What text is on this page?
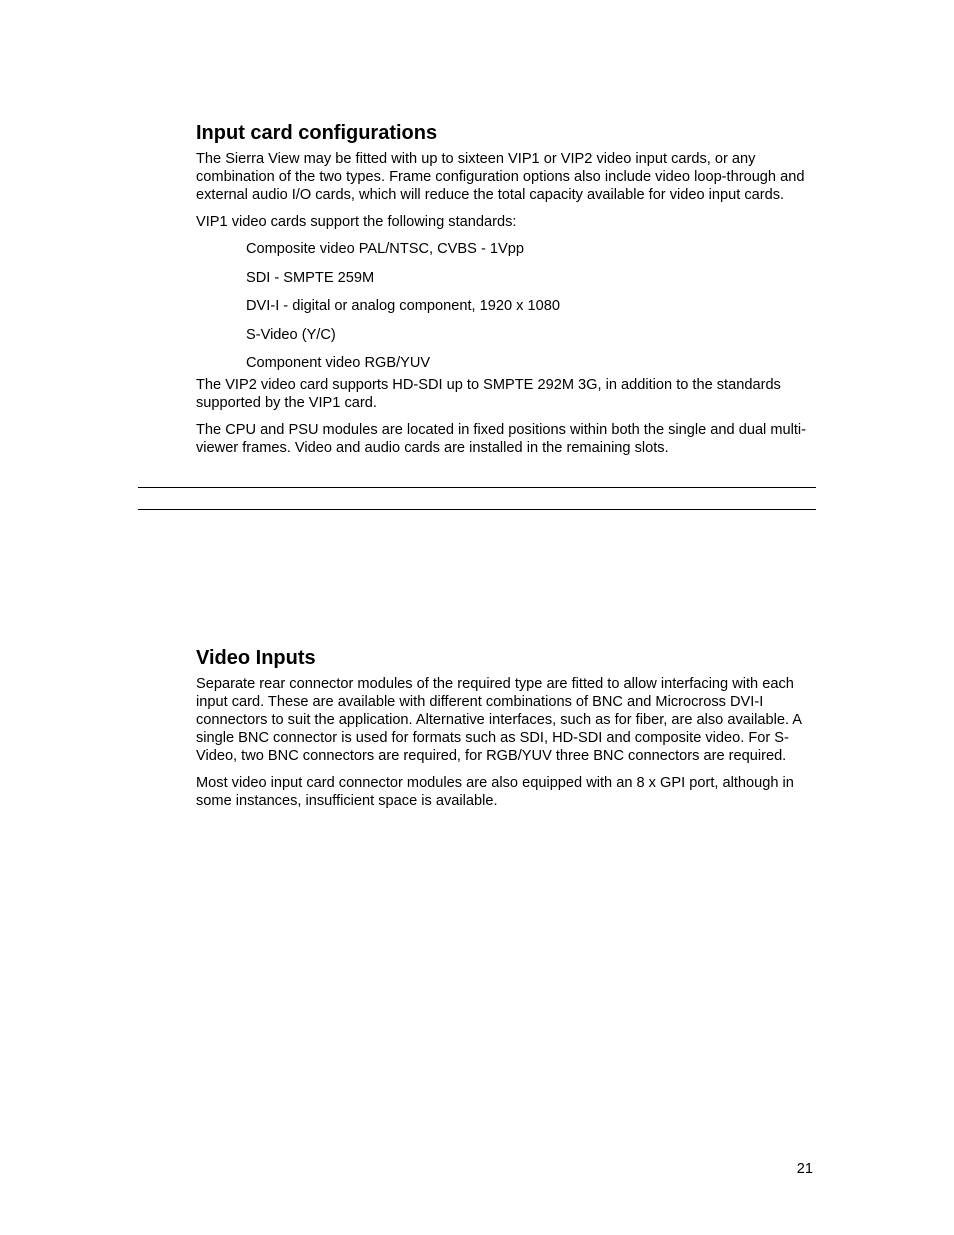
Input card configurations

The Sierra View may be fitted with up to sixteen VIP1 or VIP2 video input cards, or any combination of the two types. Frame configuration options also include video loop-through and external audio I/O cards, which will reduce the total capacity available for video input cards.

VIP1 video cards support the following standards:

Composite video PAL/NTSC, CVBS - 1Vpp
SDI - SMPTE 259M
DVI-I - digital or analog component, 1920 x 1080
S-Video (Y/C)
Component video RGB/YUV

The VIP2 video card supports HD-SDI up to SMPTE 292M 3G, in addition to the standards supported by the VIP1 card.

The CPU and PSU modules are located in fixed positions within both the single and dual multi-viewer frames. Video and audio cards are installed in the remaining slots.

Video Inputs

Separate rear connector modules of the required type are fitted to allow interfacing with each input card. These are available with different combinations of BNC and Microcross DVI-I connectors to suit the application. Alternative interfaces, such as for fiber, are also available. A single BNC connector is used for formats such as SDI, HD-SDI and composite video. For S-Video, two BNC connectors are required, for RGB/YUV three BNC connectors are required.

Most video input card connector modules are also equipped with an 8 x GPI port, although in some instances, insufficient space is available.

21
